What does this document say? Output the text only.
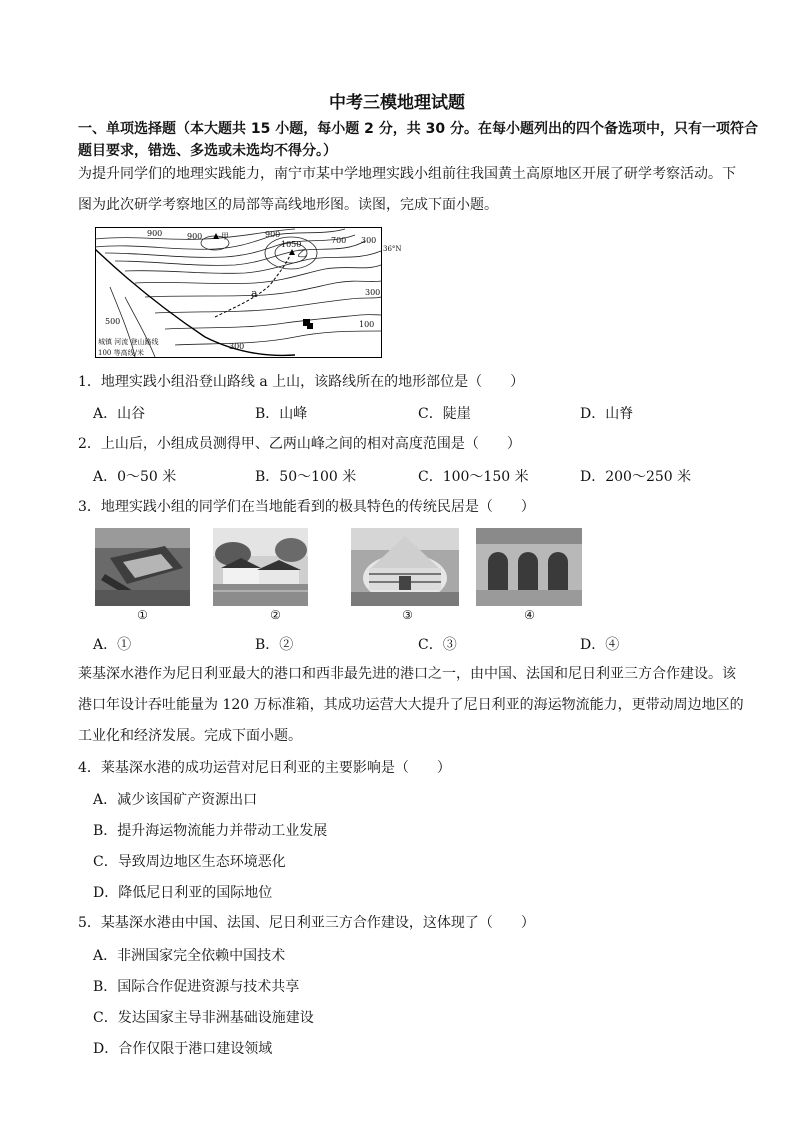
中考三模地理试题
一、单项选择题（本大题共 15 小题，每小题 2 分，共 30 分。在每小题列出的四个备选项中，只有一项符合题目要求，错选、多选或未选均不得分。）
为提升同学们的地理实践能力，南宁市某中学地理实践小组前往我国黄土高原地区开展了研学考察活动。下图为此次研学考察地区的局部等高线地形图。读图，完成下面小题。
900	900 甲	900
1050
乙
700 300
36°N
a	300
500	100
300
城镇 河流 登山路线
100 等高线/米
1．地理实践小组沿登山路线 a 上山，该路线所在的地形部位是（　　）
A．山谷	B．山峰	C．陡崖	D．山脊
2．上山后，小组成员测得甲、乙两山峰之间的相对高度范围是（　　）
A．0～50 米	B．50～100 米	C．100～150 米	D．200～250 米
3．地理实践小组的同学们在当地能看到的极具特色的传统民居是（　　）
①	②	③	④
A．①	B．②	C．③	D．④
莱基深水港作为尼日利亚最大的港口和西非最先进的港口之一，由中国、法国和尼日利亚三方合作建设。该港口年设计吞吐能量为 120 万标准箱，其成功运营大大提升了尼日利亚的海运物流能力，更带动周边地区的工业化和经济发展。完成下面小题。
4．莱基深水港的成功运营对尼日利亚的主要影响是（　　）
A．减少该国矿产资源出口
B．提升海运物流能力并带动工业发展
C．导致周边地区生态环境恶化
D．降低尼日利亚的国际地位
5．某基深水港由中国、法国、尼日利亚三方合作建设，这体现了（　　）
A．非洲国家完全依赖中国技术
B．国际合作促进资源与技术共享
C．发达国家主导非洲基础设施建设
D．合作仅限于港口建设领域
